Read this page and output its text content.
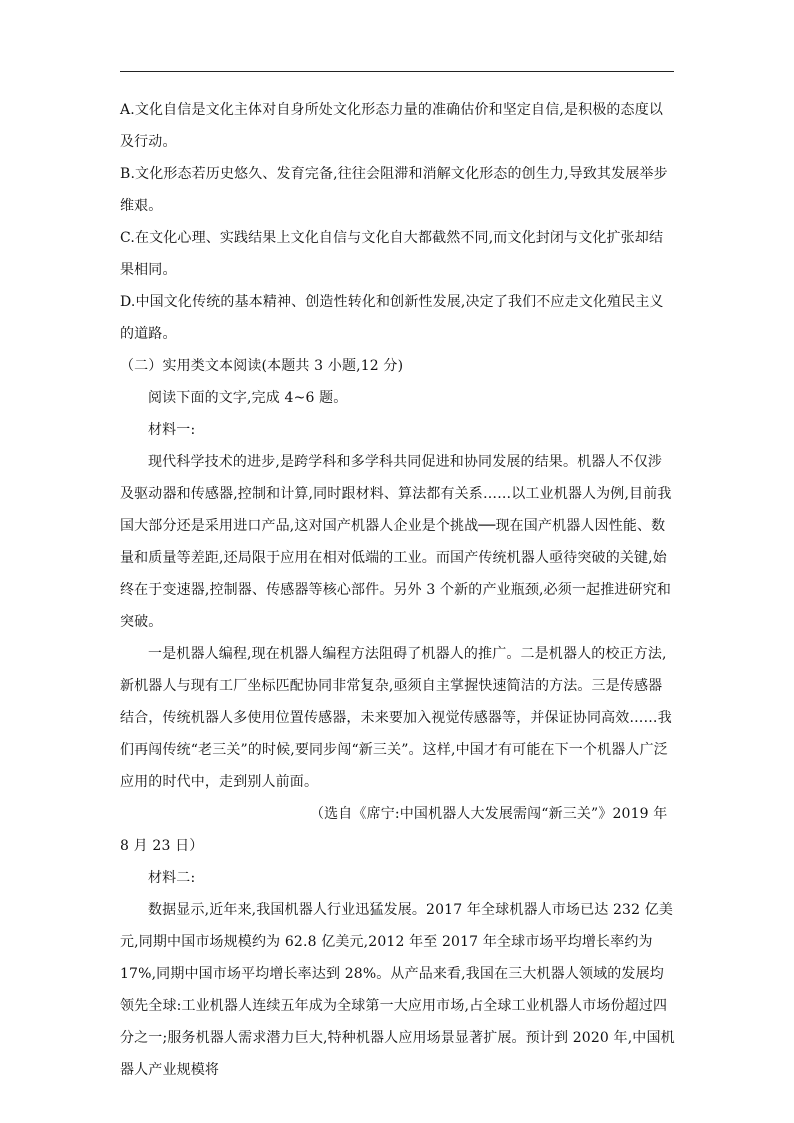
A.文化自信是文化主体对自身所处文化形态力量的准确估价和坚定自信,是积极的态度以及行动。

B.文化形态若历史悠久、发育完备,往往会阻滞和消解文化形态的创生力,导致其发展举步维艰。

C.在文化心理、实践结果上文化自信与文化自大都截然不同,而文化封闭与文化扩张却结果相同。

D.中国文化传统的基本精神、创造性转化和创新性发展,决定了我们不应走文化殖民主义的道路。

（二）实用类文本阅读(本题共 3 小题,12 分)

阅读下面的文字,完成 4~6 题。

材料一:

现代科学技术的进步,是跨学科和多学科共同促进和协同发展的结果。机器人不仅涉及驱动器和传感器,控制和计算,同时跟材料、算法都有关系……以工业机器人为例,目前我国大部分还是采用进口产品,这对国产机器人企业是个挑战──现在国产机器人因性能、数量和质量等差距,还局限于应用在相对低端的工业。而国产传统机器人亟待突破的关键,始终在于变速器,控制器、传感器等核心部件。另外 3 个新的产业瓶颈,必须一起推进研究和突破。

一是机器人编程,现在机器人编程方法阻碍了机器人的推广。二是机器人的校正方法,新机器人与现有工厂坐标匹配协同非常复杂,亟须自主掌握快速简洁的方法。三是传感器结合，传统机器人多使用位置传感器，未来要加入视觉传感器等，并保证协同高效……我们再闯传统“老三关”的时候,要同步闯“新三关”。这样,中国才有可能在下一个机器人广泛应用的时代中，走到别人前面。

（选自《席宁:中国机器人大发展需闯“新三关”》2019 年 8 月 23 日）

材料二:

数据显示,近年来,我国机器人行业迅猛发展。2017 年全球机器人市场已达 232 亿美元,同期中国市场规模约为 62.8 亿美元,2012 年至 2017 年全球市场平均增长率约为 17%,同期中国市场平均增长率达到 28%。从产品来看,我国在三大机器人领域的发展均领先全球:工业机器人连续五年成为全球第一大应用市场,占全球工业机器人市场份超过四分之一;服务机器人需求潜力巨大,特种机器人应用场景显著扩展。预计到 2020 年,中国机器人产业规模将
